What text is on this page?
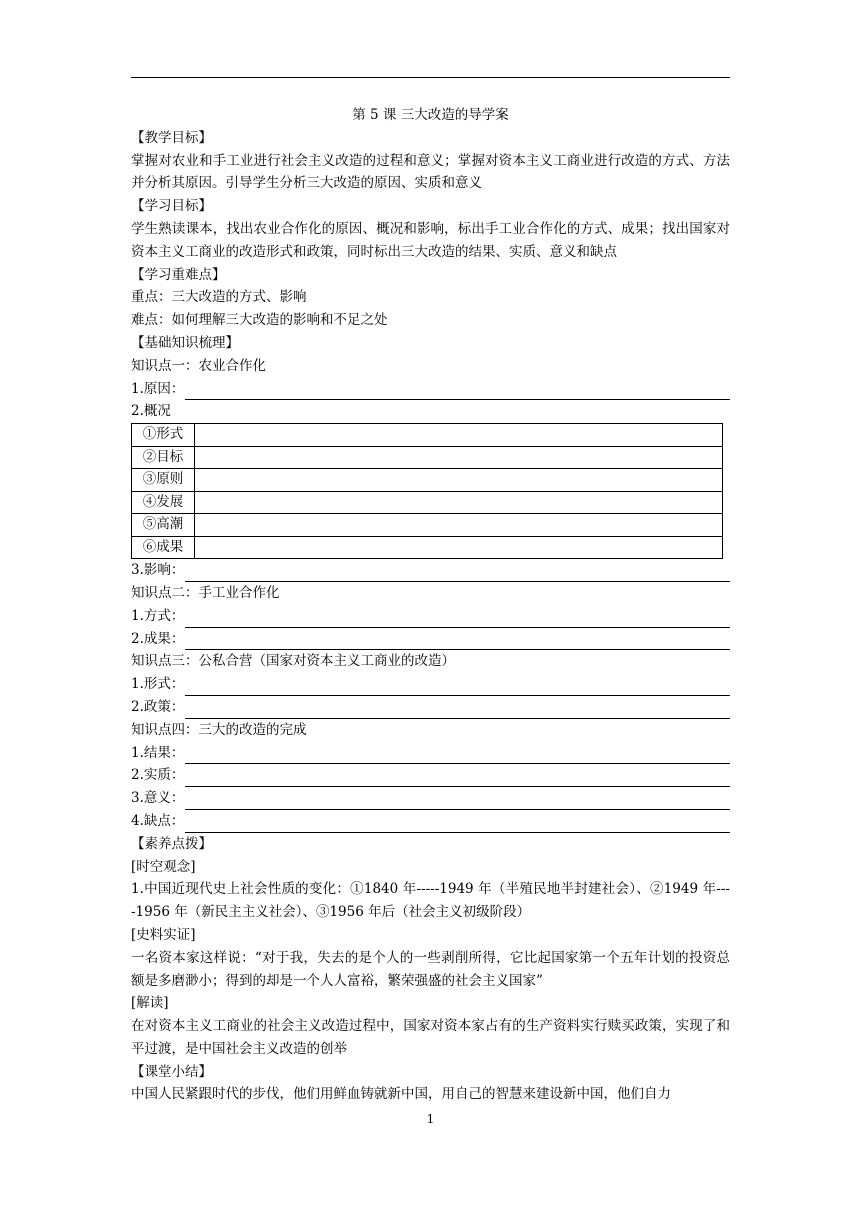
第 5 课 三大改造的导学案
【教学目标】
掌握对农业和手工业进行社会主义改造的过程和意义；掌握对资本主义工商业进行改造的方式、方法并分析其原因。引导学生分析三大改造的原因、实质和意义
【学习目标】
学生熟读课本，找出农业合作化的原因、概况和影响，标出手工业合作化的方式、成果；找出国家对资本主义工商业的改造形式和政策，同时标出三大改造的结果、实质、意义和缺点
【学习重难点】
重点：三大改造的方式、影响
难点：如何理解三大改造的影响和不足之处
【基础知识梳理】
知识点一：农业合作化
1.原因：
2.概况
①形式	
②目标	
③原则	
④发展	
⑤高潮	
⑥成果	
3.影响：
知识点二：手工业合作化
1.方式：
2.成果：
知识点三：公私合营（国家对资本主义工商业的改造）
1.形式：
2.政策：
知识点四：三大的改造的完成
1.结果：
2.实质：
3.意义：
4.缺点：
【素养点拨】
[时空观念]
1.中国近现代史上社会性质的变化：①1840 年-----1949 年（半殖民地半封建社会）、②1949 年----1956 年（新民主主义社会）、③1956 年后（社会主义初级阶段）
[史料实证]
一名资本家这样说：“对于我，失去的是个人的一些剥削所得，它比起国家第一个五年计划的投资总额是多磨渺小；得到的却是一个人人富裕，繁荣强盛的社会主义国家”
[解读]
在对资本主义工商业的社会主义改造过程中，国家对资本家占有的生产资料实行赎买政策，实现了和平过渡，是中国社会主义改造的创举
【课堂小结】
中国人民紧跟时代的步伐，他们用鲜血铸就新中国，用自己的智慧来建设新中国，他们自力
1
